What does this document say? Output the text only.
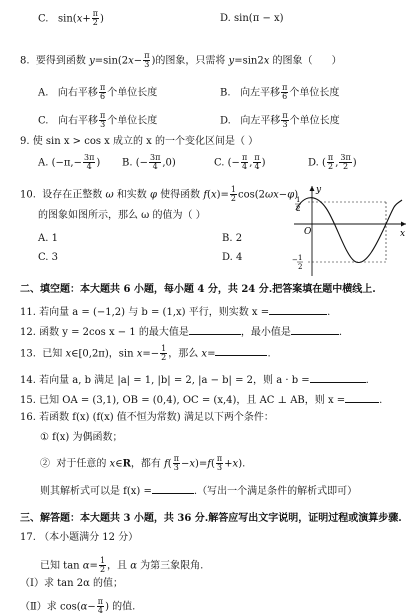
C.   $\sin(x+ \frac{\pi}{2}$ )	D. sin(π − x)
8.  要得到函数 $y=\sin(2x- \frac{\pi}{3}$ )的图象，只需将 y=sin2x 的图象（      ）
A.   向右平移 $\frac{\pi}{6}$ 个单位长度	B.   向左平移 $\frac{\pi}{6}$ 个单位长度
C.   向右平移 $\frac{\pi}{3}$ 个单位长度	D.   向左平移 $\frac{\pi}{3}$ 个单位长度
9. 使 sin x > cos x 成立的 x 的一个变化区间是（ ）
A. ($-\pi,- \frac{3\pi}{4}$ ) B. (− $\frac{3\pi}{4} ,0$)	C. (− $\frac{\pi}{4}$ , $\frac{\pi}{4}$ )	D. ( $\frac{\pi}{2}$ , $\frac{3\pi}{2}$ )
10.  设存在正整数 ω 和实数 φ 使得函数 $f(x)= \frac{1}{2} \cos(2\omega x-\varphi)$
的图象如图所示，那么 ω 的值为（ ）
A. 1	B. 2
C. 3	D. 4
y
x
O
1
2
− 1
2
二、填空题：本大题共 6 小题，每小题 4 分，共 24 分.把答案填在题中横线上.
11. 若向量 a = (−1,2) 与 b = (1,x) 平行，则实数 x =	.
12. 函数 y = 2cos x − 1 的最大值是	，最小值是	.
13.  已知 x∈[0,2π)，$\sin x=- \frac{1}{2}$ ，那么 x=	.
14. 若向量 a, b 满足 |a| = 1, |b| = 2, |a − b| = 2，则 a · b =	.
15. 已知 OA = (3,1), OB = (0,4), OC = (x,4)，且 AC ⊥ AB，则 x =	.
16. 若函数 f(x) (f(x) 值不恒为常数) 满足以下两个条件：
① f(x) 为偶函数；
②  对于任意的 x∈R，都有 $f( \frac{\pi}{3} -x)=f( \frac{\pi}{3} +x)$.
则其解析式可以是 f(x) =	.（写出一个满足条件的解析式即可）
三、解答题：本大题共 3 小题，共 36 分.解答应写出文字说明，证明过程或演算步骤.
17. （本小题满分 12 分）
已知 $\tan \alpha= \frac{1}{2}$ ，且 α 为第三象限角.
（Ⅰ）求 tan 2α 的值；
（Ⅱ）求 $\cos(\alpha- \frac{\pi}{4}$ ) 的值.
